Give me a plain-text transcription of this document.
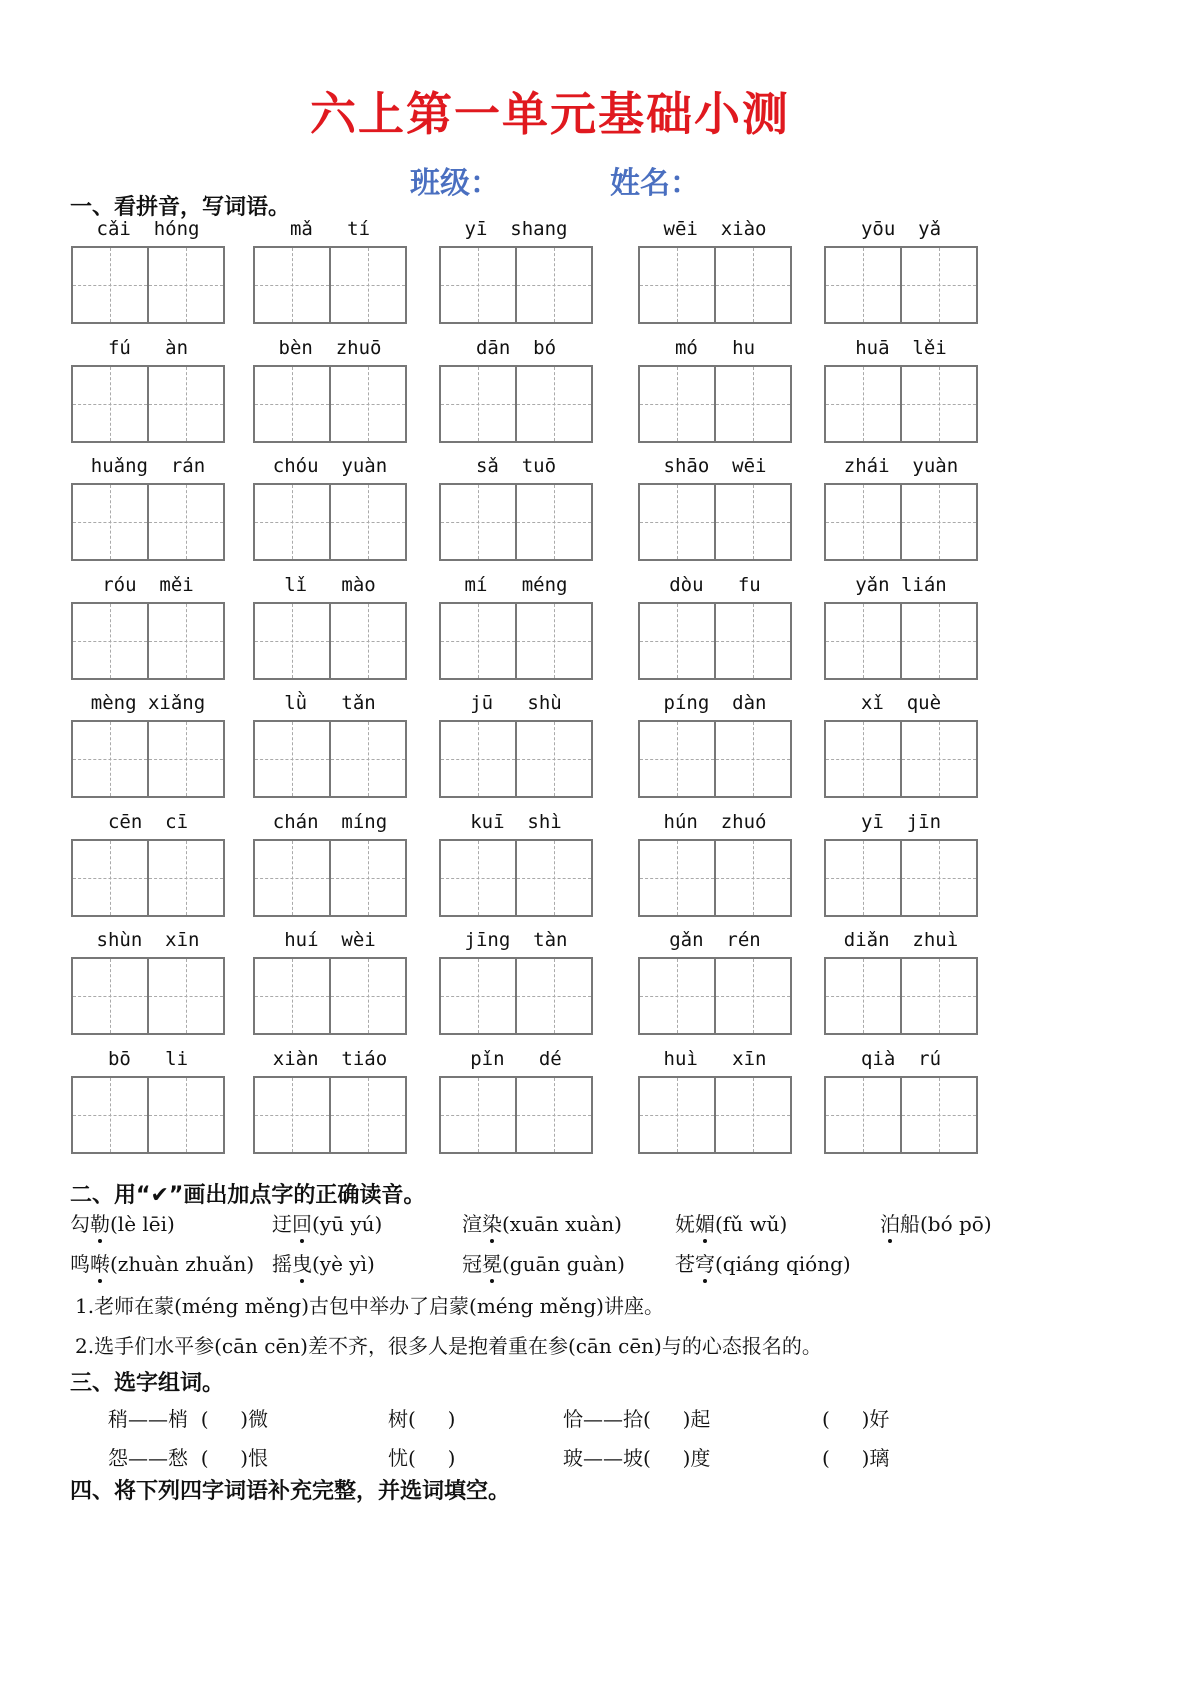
六上第一单元基础小测
班级：	姓名：
一、看拼音，写词语。
cǎi  hóng	mǎ   tí	yī  shang	wēi  xiào	yōu  yǎ
fú   àn	bèn  zhuō	dān  bó	mó   hu	huā  lěi
huǎng  rán	chóu  yuàn	sǎ  tuō	shāo  wēi	zhái  yuàn
róu  měi	lǐ   mào	mí   méng	dòu   fu	yǎn lián
mèng xiǎng	lǜ   tǎn	jū   shù	píng  dàn	xǐ  què
cēn  cī	chán  míng	kuī  shì	hún  zhuó	yī  jīn
shùn  xīn	huí  wèi	jīng  tàn	gǎn  rén	diǎn  zhuì
bō   li	xiàn  tiáo	pǐn   dé	huì   xīn	qià  rú
二、用“✔”画出加点字的正确读音。
勾勒(lè lēi)	迂回(yū yú)	渲染(xuān xuàn)	妩媚(fǔ wǔ)	泊船(bó pō)
鸣啭(zhuàn zhuǎn) 摇曳(yè yì)	冠冕(guān guàn)	苍穹(qiáng qióng)
1.老师在蒙(méng měng)古包中举办了启蒙(méng měng)讲座。
2.选手们水平参(cān cēn)差不齐，很多人是抱着重在参(cān cēn)与的心态报名的。
三、选字组词。
稍——梢  (     )微	树(     )	恰——拾(     )起	(     )好
怨——愁  (     )恨	忧(     )	玻——坡(     )度	(     )璃
四、将下列四字词语补充完整，并选词填空。
